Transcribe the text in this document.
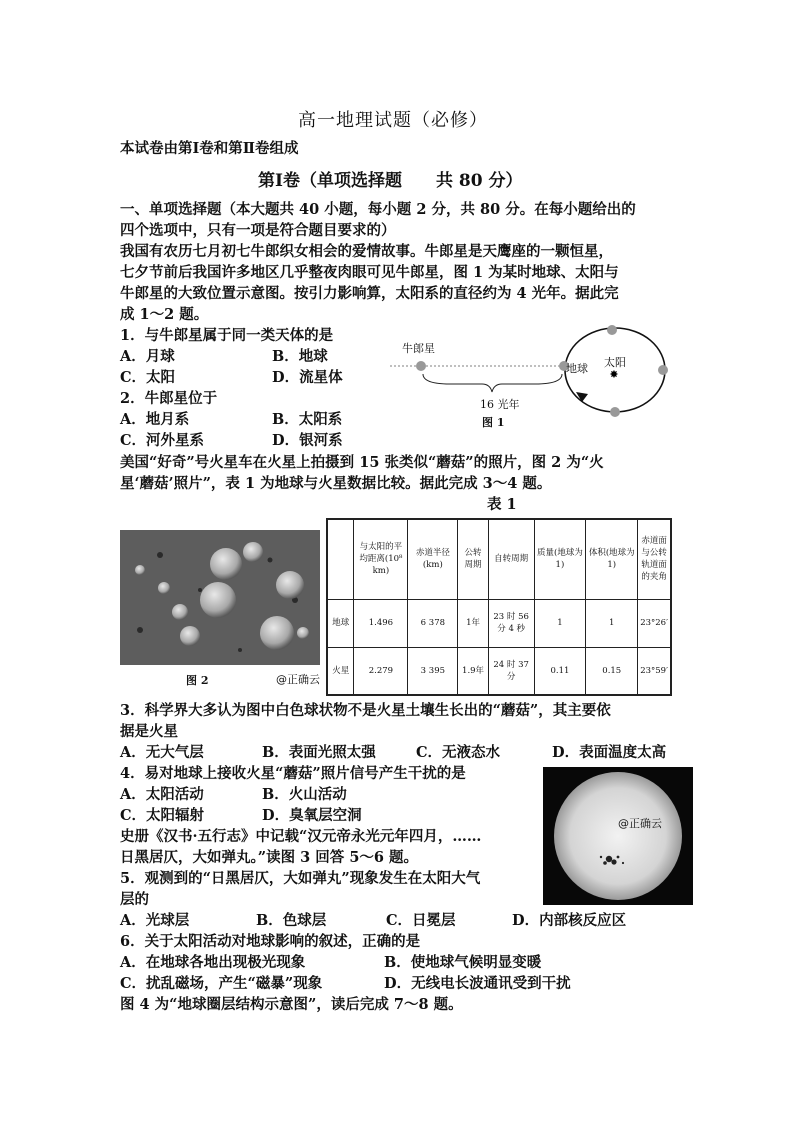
高一地理试题（必修）
本试卷由第Ⅰ卷和第Ⅱ卷组成
第Ⅰ卷（单项选择题 共 80 分）
一、单项选择题（本大题共 40 小题，每小题 2 分，共 80 分。在每小题给出的
四个选项中，只有一项是符合题目要求的）
我国有农历七月初七牛郎织女相会的爱情故事。牛郎星是天鹰座的一颗恒星，
七夕节前后我国许多地区几乎整夜肉眼可见牛郎星，图 1 为某时地球、太阳与
牛郎星的大致位置示意图。按引力影响算，太阳系的直径约为 4 光年。据此完
成 1～2 题。
1．与牛郎星属于同一类天体的是
A．月球	B．地球
C．太阳	D．流星体
2．牛郎星位于
A．地月系	B．太阳系
C．河外星系	D．银河系
✸
牛郎星
地球 太阳
16 光年
图 1
美国“好奇”号火星车在火星上拍摄到 15 张类似“蘑菇”的照片，图 2 为“火
星‘蘑菇’照片”，表 1 为地球与火星数据比较。据此完成 3～4 题。
表 1
图 2	@正确云
	与太阳的平均距离(10⁸ km)	赤道半径(km)	公转周期	自转周期	质量(地球为1)	体积(地球为1)	赤道面与公转轨道面的夹角
地球	1.496	6 378	1年	23 时 56 分 4 秒	1	1	23°26′
火星	2.279	3 395	1.9年	24 时 37 分	0.11	0.15	23°59′
3．科学界大多认为图中白色球状物不是火星土壤生长出的“蘑菇”，其主要依
据是火星
A．无大气层	B．表面光照太强	C．无液态水	D．表面温度太高
4．易对地球上接收火星“蘑菇”照片信号产生干扰的是
A．太阳活动	B．火山活动
C．太阳辐射	D．臭氧层空洞	@正确云
史册《汉书·五行志》中记载“汉元帝永光元年四月，……
日黑居仄，大如弹丸。”读图 3 回答 5～6 题。
5．观测到的“日黑居仄，大如弹丸”现象发生在太阳大气
层的
A．光球层	B．色球层	C．日冕层	D．内部核反应区
6．关于太阳活动对地球影响的叙述，正确的是
A．在地球各地出现极光现象	B．使地球气候明显变暖
C．扰乱磁场，产生“磁暴”现象	D．无线电长波通讯受到干扰
图 4 为“地球圈层结构示意图”，读后完成 7～8 题。
